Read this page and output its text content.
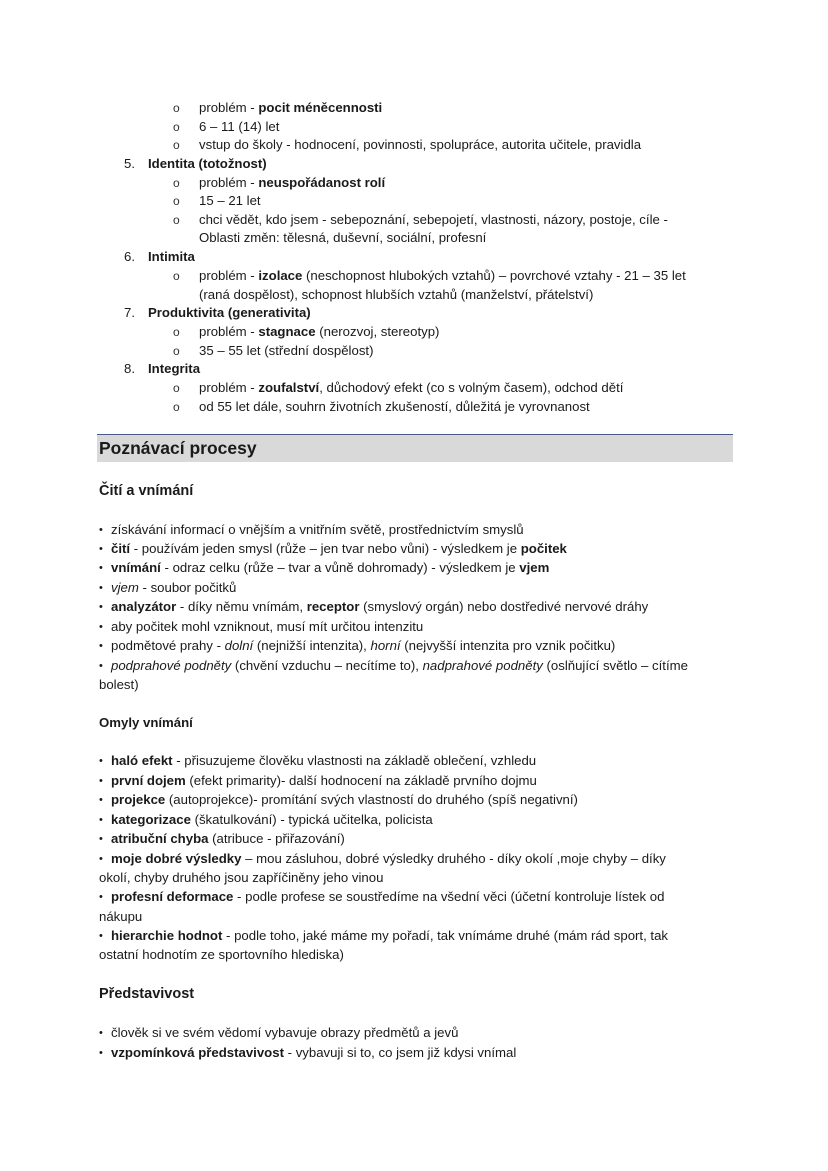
o problém - pocit méněcennosti
o 6 – 11 (14) let
o vstup do školy - hodnocení, povinnosti, spolupráce, autorita učitele, pravidla
5. Identita (totožnost)
o problém - neuspořádanost rolí
o 15 – 21 let
o chci vědět, kdo jsem - sebepoznání, sebepojetí, vlastnosti, názory, postoje, cíle -
Oblasti změn: tělesná, duševní, sociální, profesní
6. Intimita
o problém - izolace (neschopnost hlubokých vztahů) – povrchové vztahy - 21 – 35 let
(raná dospělost), schopnost hlubších vztahů (manželství, přátelství)
7. Produktivita (generativita)
o problém - stagnace (nerozvoj, stereotyp)
o 35 – 55 let (střední dospělost)
8. Integrita
o problém - zoufalství, důchodový efekt (co s volným časem), odchod dětí
o od 55 let dále, souhrn životních zkušeností, důležitá je vyrovnanost
Poznávací procesy
Čití a vnímání
• získávání informací o vnějším a vnitřním světě, prostřednictvím smyslů
• čití - používám jeden smysl (růže – jen tvar nebo vůni) - výsledkem je počitek
• vnímání - odraz celku (růže – tvar a vůně dohromady) - výsledkem je vjem
• vjem - soubor počitků
• analyzátor - díky němu vnímám, receptor (smyslový orgán) nebo dostředivé nervové dráhy
• aby počitek mohl vzniknout, musí mít určitou intenzitu
• podmětové prahy - dolní (nejnižší intenzita), horní (nejvyšší intenzita pro vznik počitku)
• podprahové podněty (chvění vzduchu – necítíme to), nadprahové podněty (oslňující světlo – cítíme
bolest)
Omyly vnímání
• haló efekt - přisuzujeme člověku vlastnosti na základě oblečení, vzhledu
• první dojem (efekt primarity)- další hodnocení na základě prvního dojmu
• projekce (autoprojekce)- promítání svých vlastností do druhého (spíš negativní)
• kategorizace (škatulkování) - typická učitelka, policista
• atribuční chyba (atribuce - přiřazování)
• moje dobré výsledky – mou zásluhou, dobré výsledky druhého - díky okolí ,moje chyby – díky
okolí, chyby druhého jsou zapříčiněny jeho vinou
• profesní deformace - podle profese se soustředíme na všední věci (účetní kontroluje lístek od
nákupu
• hierarchie hodnot - podle toho, jaké máme my pořadí, tak vnímáme druhé (mám rád sport, tak
ostatní hodnotím ze sportovního hlediska)
Představivost
• člověk si ve svém vědomí vybavuje obrazy předmětů a jevů
• vzpomínková představivost - vybavuji si to, co jsem již kdysi vnímal
